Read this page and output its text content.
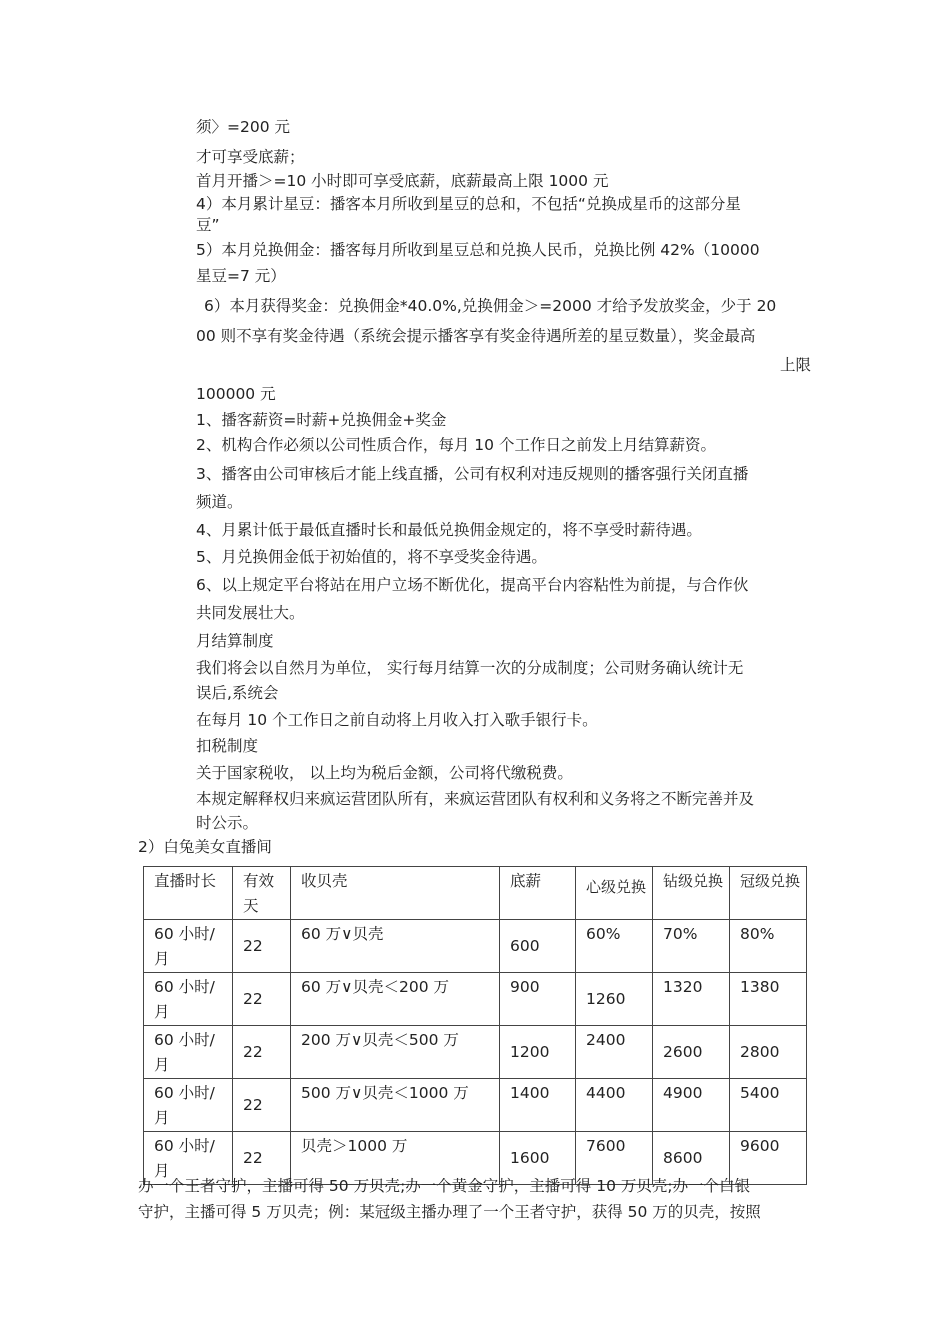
须〉=200 元
才可享受底薪；
首月开播＞=10 小时即可享受底薪，底薪最高上限 1000 元
4）本月累计星豆：播客本月所收到星豆的总和，不包括“兑换成星币的这部分星
豆”
5）本月兑换佣金：播客每月所收到星豆总和兑换人民币，兑换比例 42%（10000
星豆=7 元）
6）本月获得奖金：兑换佣金*40.0%,兑换佣金＞=2000 才给予发放奖金，少于 20
00 则不享有奖金待遇（系统会提示播客享有奖金待遇所差的星豆数量），奖金最高
上限
100000 元
1、播客薪资=时薪+兑换佣金+奖金
2、机构合作必须以公司性质合作，每月 10 个工作日之前发上月结算薪资。
3、播客由公司审核后才能上线直播，公司有权利对违反规则的播客强行关闭直播
频道。
4、月累计低于最低直播时长和最低兑换佣金规定的，将不享受时薪待遇。
5、月兑换佣金低于初始值的，将不享受奖金待遇。
6、以上规定平台将站在用户立场不断优化，提高平台内容粘性为前提，与合作伙
共同发展壮大。
月结算制度
我们将会以自然月为单位， 实行每月结算一次的分成制度；公司财务确认统计无
误后,系统会
在每月 10 个工作日之前自动将上月收入打入歌手银行卡。
扣税制度
关于国家税收， 以上均为税后金额，公司将代缴税费。
本规定解释权归来疯运营团队所有，来疯运营团队有权利和义务将之不断完善并及
时公示。
2）白兔美女直播间
直播时长	有效天	收贝壳	底薪	心级兑换	钻级兑换	冠级兑换
60 小时/月	22	60 万∨贝壳	600	60%	70%	80%
60 小时/月	22	60 万∨贝壳＜200 万	900	1260	1320	1380
60 小时/月	22	200 万∨贝壳＜500 万	1200	2400	2600	2800

60 小时/月	22	500 万∨贝壳＜1000 万	1400	4400	4900	5400
60 小时/月	22	贝壳＞1000 万	1600	7600	8600	9600
办一个王者守护，主播可得 50 万贝壳;办一个黄金守护，主播可得 10 万贝壳;办一个白银
守护，主播可得 5 万贝壳；例：某冠级主播办理了一个王者守护，获得 50 万的贝壳，按照
